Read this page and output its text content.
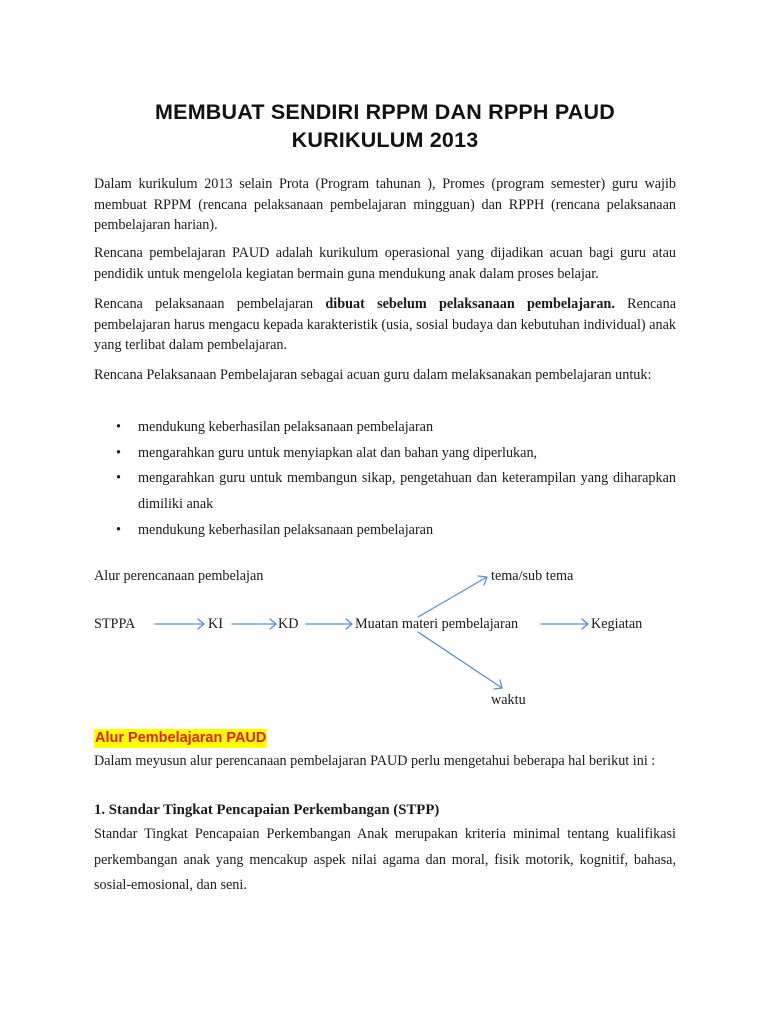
MEMBUAT SENDIRI RPPM DAN RPPH PAUD
KURIKULUM 2013
Dalam kurikulum 2013 selain Prota (Program tahunan ), Promes (program semester) guru wajib membuat RPPM (rencana pelaksanaan pembelajaran mingguan) dan RPPH (rencana pelaksanaan pembelajaran harian).
Rencana pembelajaran PAUD adalah kurikulum operasional yang dijadikan acuan bagi guru atau pendidik untuk mengelola kegiatan bermain guna mendukung anak dalam proses belajar.
Rencana pelaksanaan pembelajaran dibuat sebelum pelaksanaan pembelajaran. Rencana pembelajaran harus mengacu kepada karakteristik (usia, sosial budaya dan kebutuhan individual) anak yang terlibat dalam pembelajaran.
Rencana Pelaksanaan Pembelajaran sebagai acuan guru dalam melaksanakan pembelajaran untuk:
• mendukung keberhasilan pelaksanaan pembelajaran
• mengarahkan guru untuk menyiapkan alat dan bahan yang diperlukan,
• mengarahkan guru untuk membangun sikap, pengetahuan dan keterampilan yang diharapkan dimiliki anak
• mendukung keberhasilan pelaksanaan pembelajaran
Alur perencanaan pembelajan	tema/sub tema
STPPA	KI	KD	Muatan materi pembelajaran	Kegiatan
waktu
Alur Pembelajaran PAUD
Dalam meyusun alur perencanaan pembelajaran PAUD perlu mengetahui beberapa hal berikut ini :
1. Standar Tingkat Pencapaian Perkembangan (STPP)
Standar Tingkat Pencapaian Perkembangan Anak merupakan kriteria minimal tentang kualifikasi perkembangan anak yang mencakup aspek nilai agama dan moral, fisik motorik, kognitif, bahasa, sosial-emosional, dan seni.
